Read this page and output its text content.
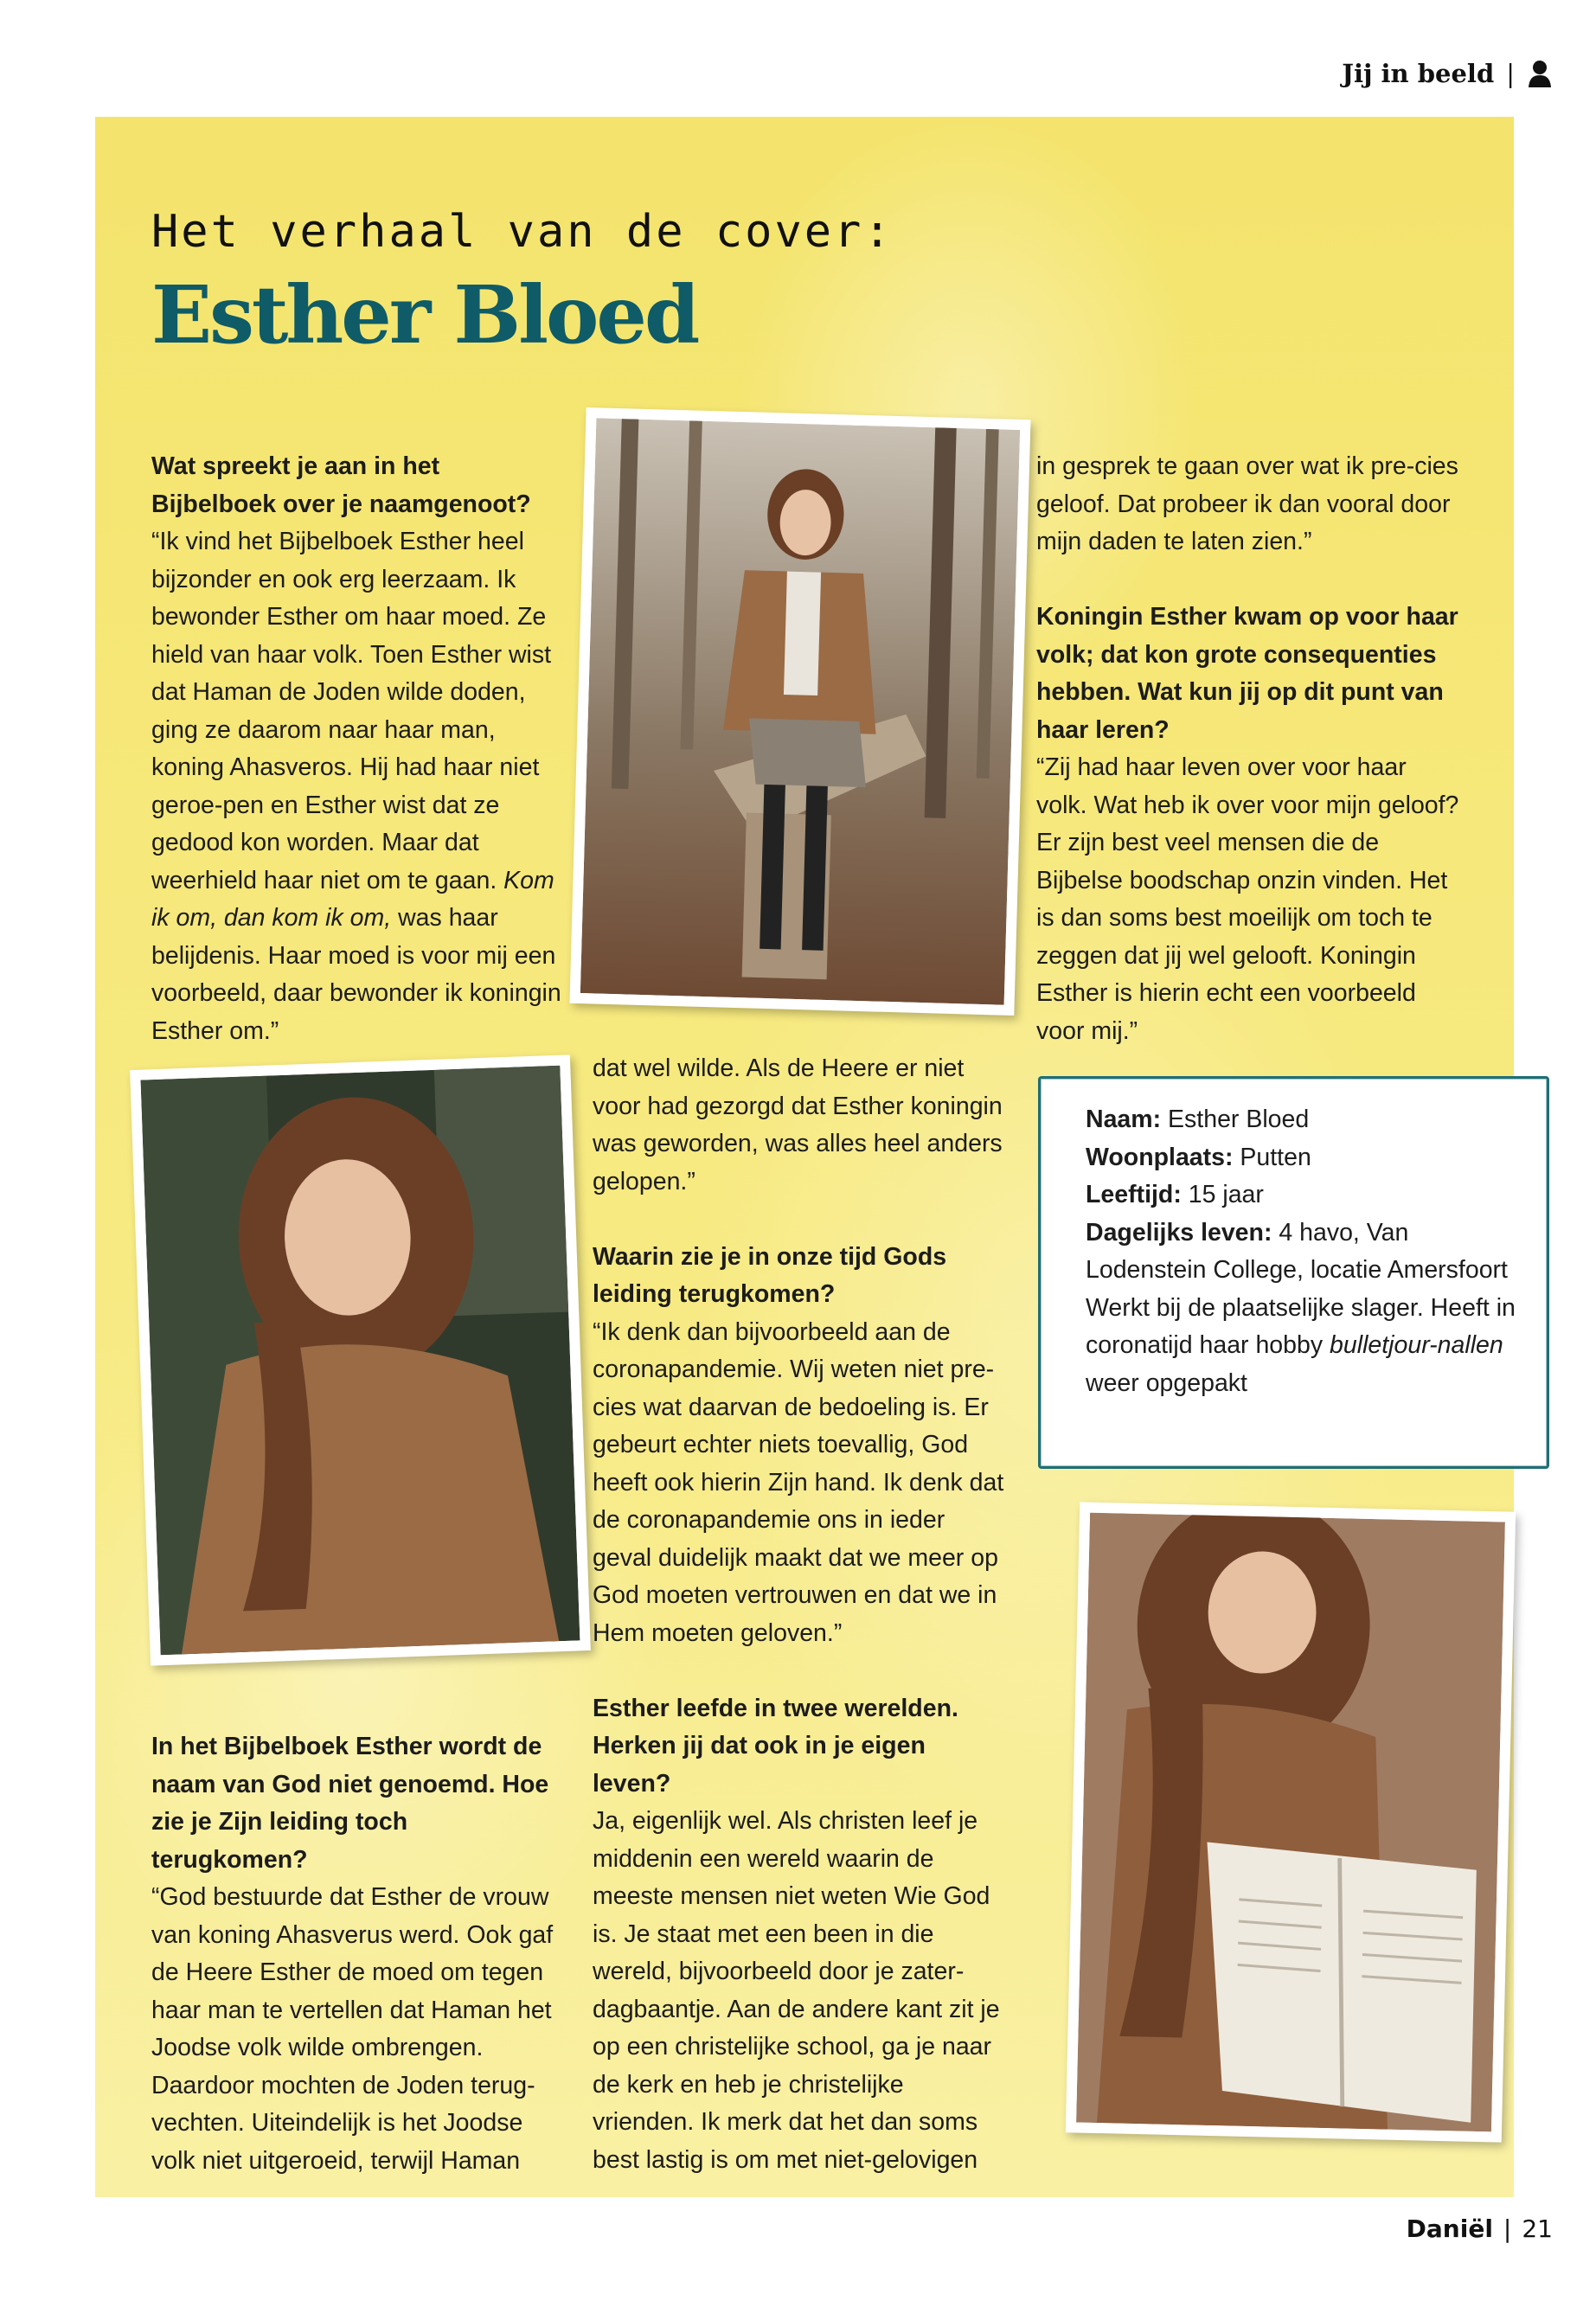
Jij in beeld |
Het verhaal van de cover:
Esther Bloed

Wat spreekt je aan in het Bijbelboek over je naamgenoot?

“Ik vind het Bijbelboek Esther heel bijzonder en ook erg leerzaam. Ik bewonder Esther om haar moed. Ze hield van haar volk. Toen Esther wist dat Haman de Joden wilde doden, ging ze daarom naar haar man, koning Ahasveros. Hij had haar niet geroe-pen en Esther wist dat ze gedood kon worden. Maar dat weerhield haar niet om te gaan. Kom ik om, dan kom ik om, was haar belijdenis. Haar moed is voor mij een voorbeeld, daar bewonder ik koningin Esther om.”

In het Bijbelboek Esther wordt de naam van God niet genoemd. Hoe zie je Zijn leiding toch terugkomen?

“God bestuurde dat Esther de vrouw van koning Ahasverus werd. Ook gaf de Heere Esther de moed om tegen haar man te vertellen dat Haman het Joodse volk wilde ombrengen. Daardoor mochten de Joden terug-vechten. Uiteindelijk is het Joodse volk niet uitgeroeid, terwijl Haman

dat wel wilde. Als de Heere er niet voor had gezorgd dat Esther koningin was geworden, was alles heel anders gelopen.”

Waarin zie je in onze tijd Gods leiding terugkomen?

“Ik denk dan bijvoorbeeld aan de coronapandemie. Wij weten niet pre-cies wat daarvan de bedoeling is. Er gebeurt echter niets toevallig, God heeft ook hierin Zijn hand. Ik denk dat de coronapandemie ons in ieder geval duidelijk maakt dat we meer op God moeten vertrouwen en dat we in Hem moeten geloven.”

Esther leefde in twee werelden. Herken jij dat ook in je eigen leven?

Ja, eigenlijk wel. Als christen leef je middenin een wereld waarin de meeste mensen niet weten Wie God is. Je staat met een been in die wereld, bijvoorbeeld door je zater-dagbaantje. Aan de andere kant zit je op een christelijke school, ga je naar de kerk en heb je christelijke vrienden. Ik merk dat het dan soms best lastig is om met niet-gelovigen

in gesprek te gaan over wat ik pre-cies geloof. Dat probeer ik dan vooral door mijn daden te laten zien.”

Koningin Esther kwam op voor haar volk; dat kon grote consequenties hebben. Wat kun jij op dit punt van haar leren?

“Zij had haar leven over voor haar volk. Wat heb ik over voor mijn geloof? Er zijn best veel mensen die de Bijbelse boodschap onzin vinden. Het is dan soms best moeilijk om toch te zeggen dat jij wel gelooft. Koningin Esther is hierin echt een voorbeeld voor mij.”

Naam: Esther Bloed
Woonplaats: Putten
Leeftijd: 15 jaar
Dagelijks leven: 4 havo, Van Lodenstein College, locatie Amersfoort
Werkt bij de plaatselijke slager. Heeft in coronatijd haar hobby bulletjour-nallen weer opgepakt
Daniël | 21
